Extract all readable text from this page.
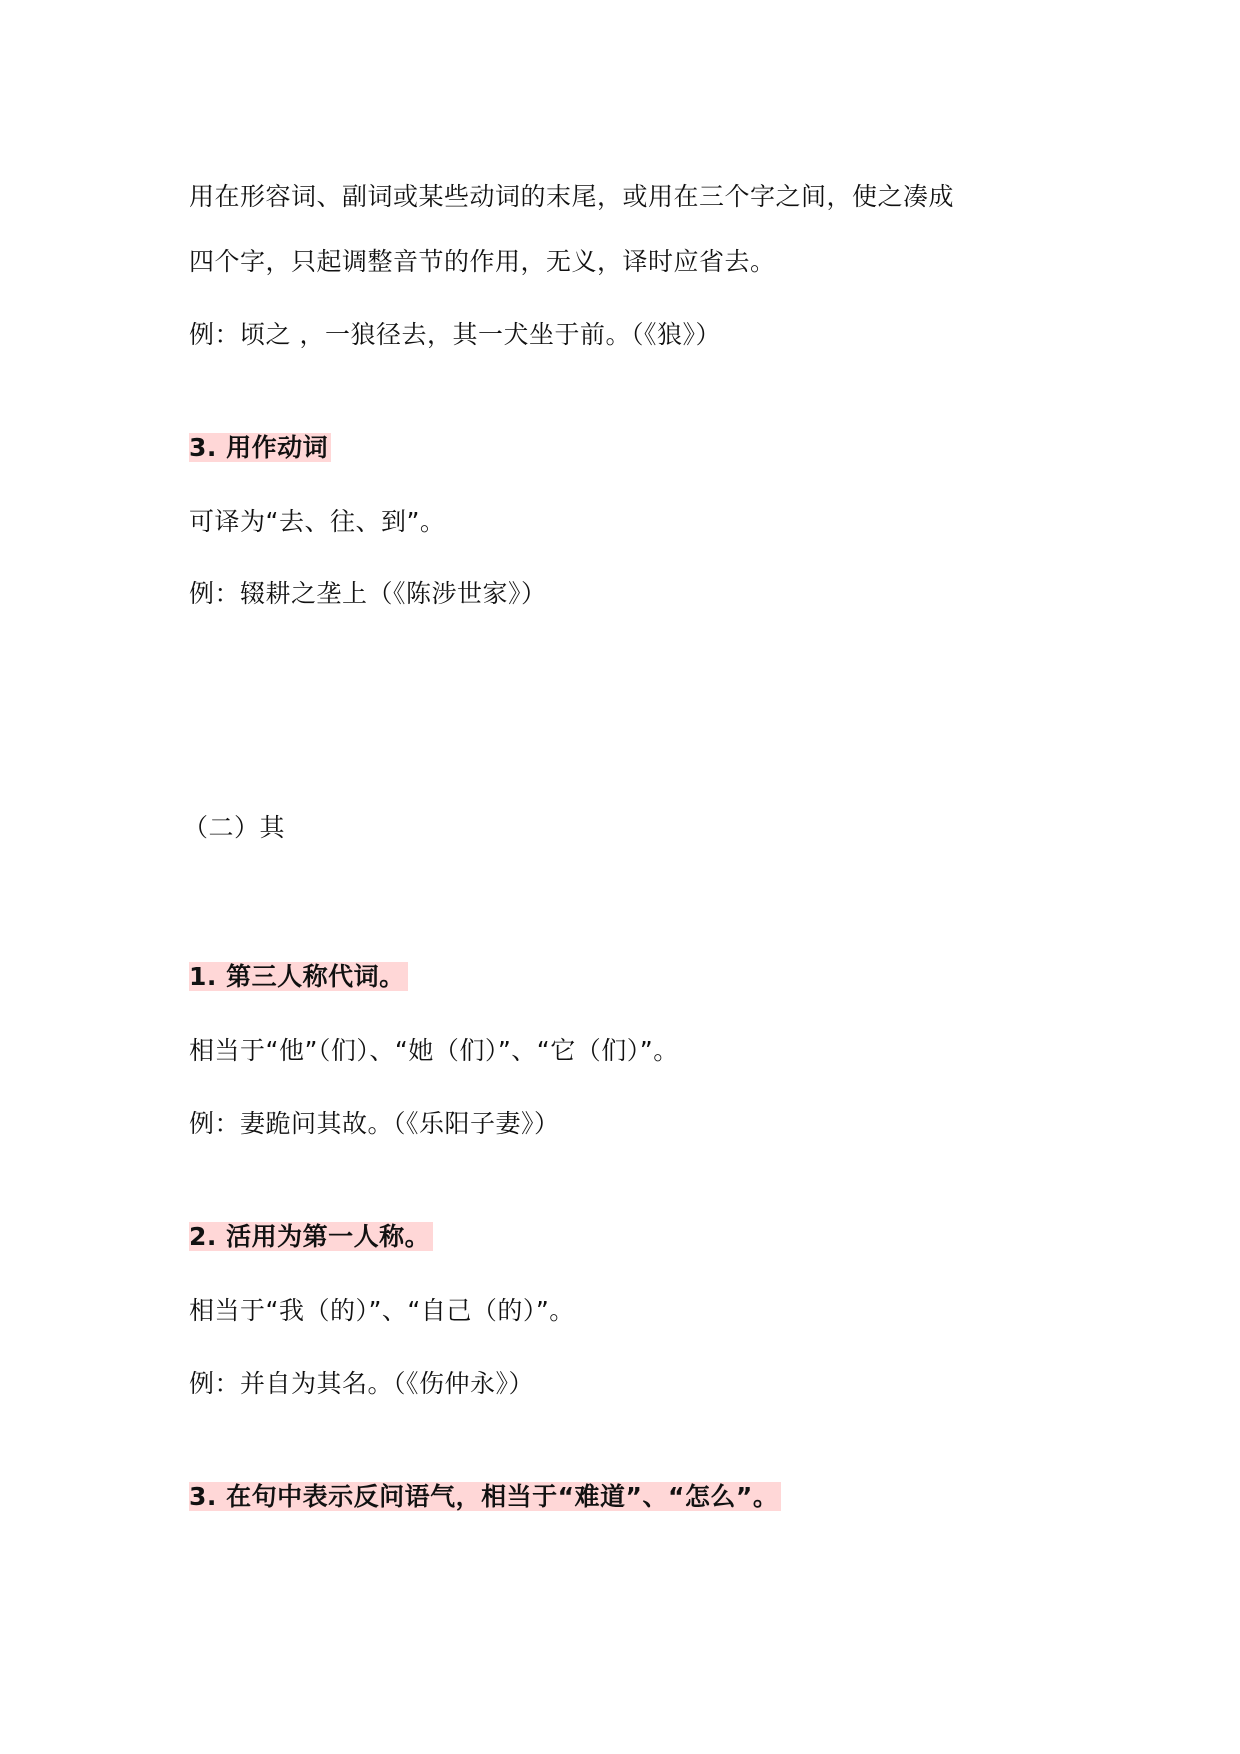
用在形容词、副词或某些动词的末尾，或用在三个字之间，使之凑成
四个字，只起调整音节的作用，无义，译时应省去。
例：顷之 ，一狼径去，其一犬坐于前。（《狼》）
3. 用作动词
可译为“去、往、到”。
例：辍耕之垄上（《陈涉世家》）
（二）其
1. 第三人称代词。
相当于“他”（们）、“她（们）”、“它（们）”。
例：妻跪问其故。（《乐阳子妻》）
2. 活用为第一人称。
相当于“我（的）”、“自己（的）”。
例：并自为其名。（《伤仲永》）
3. 在句中表示反问语气，相当于“难道”、“怎么”。
